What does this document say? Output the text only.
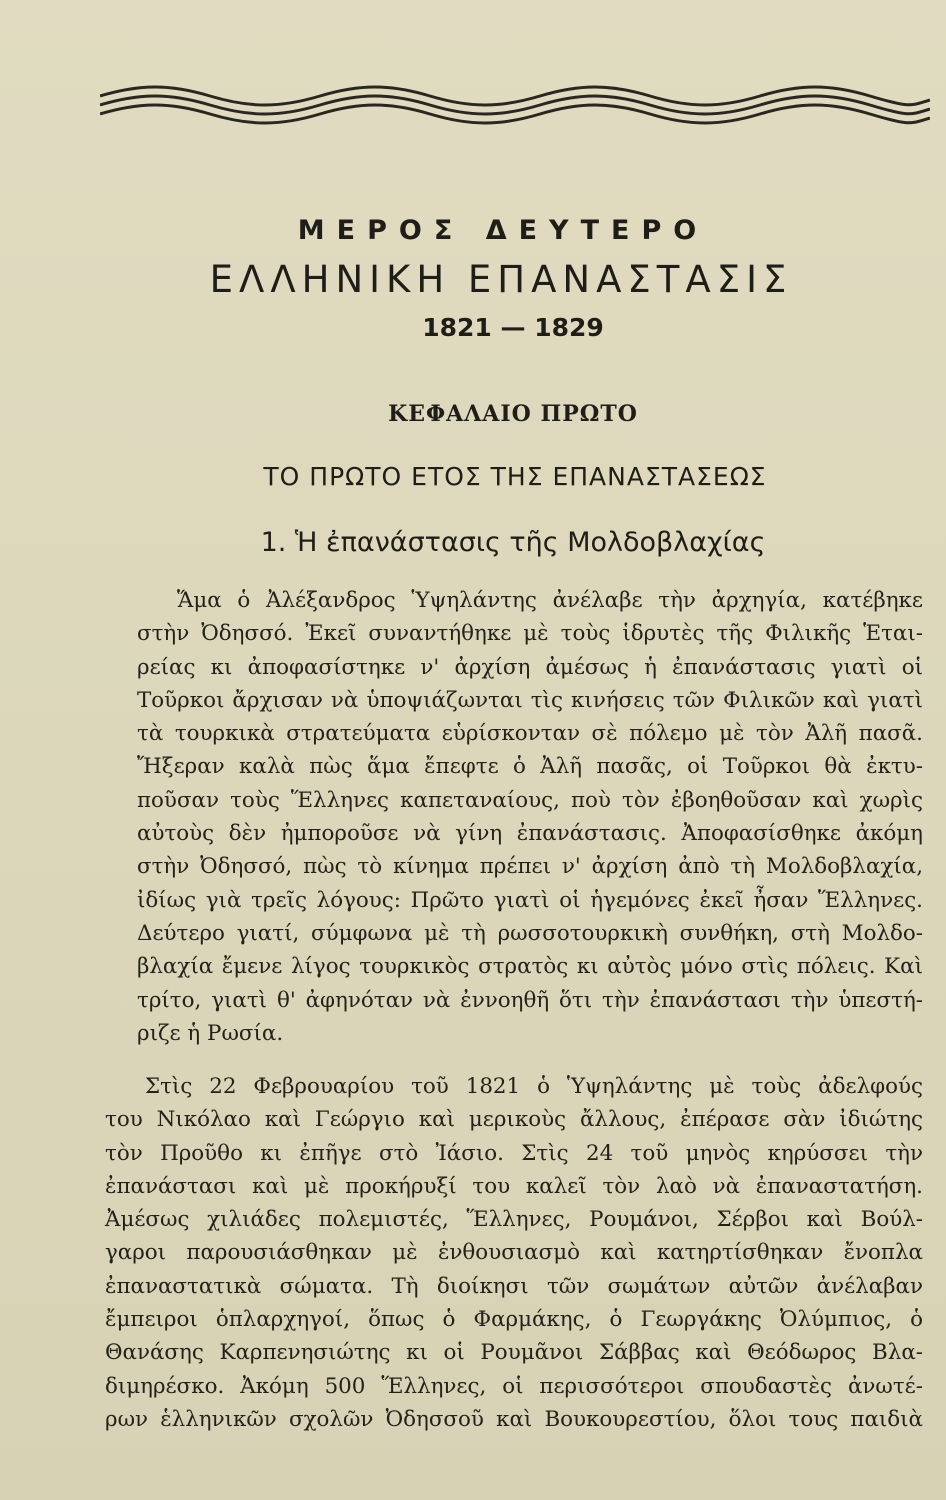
ΜΕΡΟΣ ΔΕΥΤΕΡΟ
ΕΛΛΗΝΙΚΗ ΕΠΑΝΑΣΤΑΣΙΣ
1821 — 1829
ΚΕΦΑΛΑΙΟ ΠΡΩΤΟ
ΤΟ ΠΡΩΤΟ ΕΤΟΣ ΤΗΣ ΕΠΑΝΑΣΤΑΣΕΩΣ
1. Ἡ ἐπανάστασις τῆς Μολδοβλαχίας
Ἅμα ὁ Ἀλέξανδρος Ὑψηλάντης ἀνέλαβε τὴν ἀρχηγία, κατέβηκε
στὴν Ὀδησσό. Ἐκεῖ συναντήθηκε μὲ τοὺς ἱδρυτὲς τῆς Φιλικῆς Ἑται-
ρείας κι ἀποφασίστηκε ν' ἀρχίση ἀμέσως ἡ ἐπανάστασις γιατὶ οἱ
Τοῦρκοι ἄρχισαν νὰ ὑποψιάζωνται τὶς κινήσεις τῶν Φιλικῶν καὶ γιατὶ
τὰ τουρκικὰ στρατεύματα εὑρίσκονταν σὲ πόλεμο μὲ τὸν Ἀλῆ πασᾶ.
Ἤξεραν καλὰ πὼς ἅμα ἔπεφτε ὁ Ἀλῆ πασᾶς, οἱ Τοῦρκοι θὰ ἐκτυ-
ποῦσαν τοὺς Ἕλληνες καπεταναίους, ποὺ τὸν ἐβοηθοῦσαν καὶ χωρὶς
αὐτοὺς δὲν ἠμποροῦσε νὰ γίνη ἐπανάστασις. Ἀποφασίσθηκε ἀκόμη
στὴν Ὀδησσό, πὼς τὸ κίνημα πρέπει ν' ἀρχίση ἀπὸ τὴ Μολδοβλαχία,
ἰδίως γιὰ τρεῖς λόγους: Πρῶτο γιατὶ οἱ ἡγεμόνες ἐκεῖ ἦσαν Ἕλληνες.
Δεύτερο γιατί, σύμφωνα μὲ τὴ ρωσσοτουρκικὴ συνθήκη, στὴ Μολδο-
βλαχία ἔμενε λίγος τουρκικὸς στρατὸς κι αὐτὸς μόνο στὶς πόλεις. Καὶ
τρίτο, γιατὶ θ' ἀφηνόταν νὰ ἐννοηθῆ ὅτι τὴν ἐπανάστασι τὴν ὑπεστή-
ριζε ἡ Ρωσία.
Στὶς 22 Φεβρουαρίου τοῦ 1821 ὁ Ὑψηλάντης μὲ τοὺς ἀδελφούς
του Νικόλαο καὶ Γεώργιο καὶ μερικοὺς ἄλλους, ἐπέρασε σὰν ἰδιώτης
τὸν Προῦθο κι ἐπῆγε στὸ Ἰάσιο. Στὶς 24 τοῦ μηνὸς κηρύσσει τὴν
ἐπανάστασι καὶ μὲ προκήρυξί του καλεῖ τὸν λαὸ νὰ ἐπαναστατήση.
Ἀμέσως χιλιάδες πολεμιστές, Ἕλληνες, Ρουμάνοι, Σέρβοι καὶ Βούλ-
γαροι παρουσιάσθηκαν μὲ ἐνθουσιασμὸ καὶ κατηρτίσθηκαν ἔνοπλα
ἐπαναστατικὰ σώματα. Τὴ διοίκησι τῶν σωμάτων αὐτῶν ἀνέλαβαν
ἔμπειροι ὁπλαρχηγοί, ὅπως ὁ Φαρμάκης, ὁ Γεωργάκης Ὀλύμπιος, ὁ
Θανάσης Καρπενησιώτης κι οἱ Ρουμᾶνοι Σάββας καὶ Θεόδωρος Βλα-
διμηρέσκο. Ἀκόμη 500 Ἕλληνες, οἱ περισσότεροι σπουδαστὲς ἀνωτέ-
ρων ἑλληνικῶν σχολῶν Ὀδησσοῦ καὶ Βουκουρεστίου, ὅλοι τους παιδιὰ
